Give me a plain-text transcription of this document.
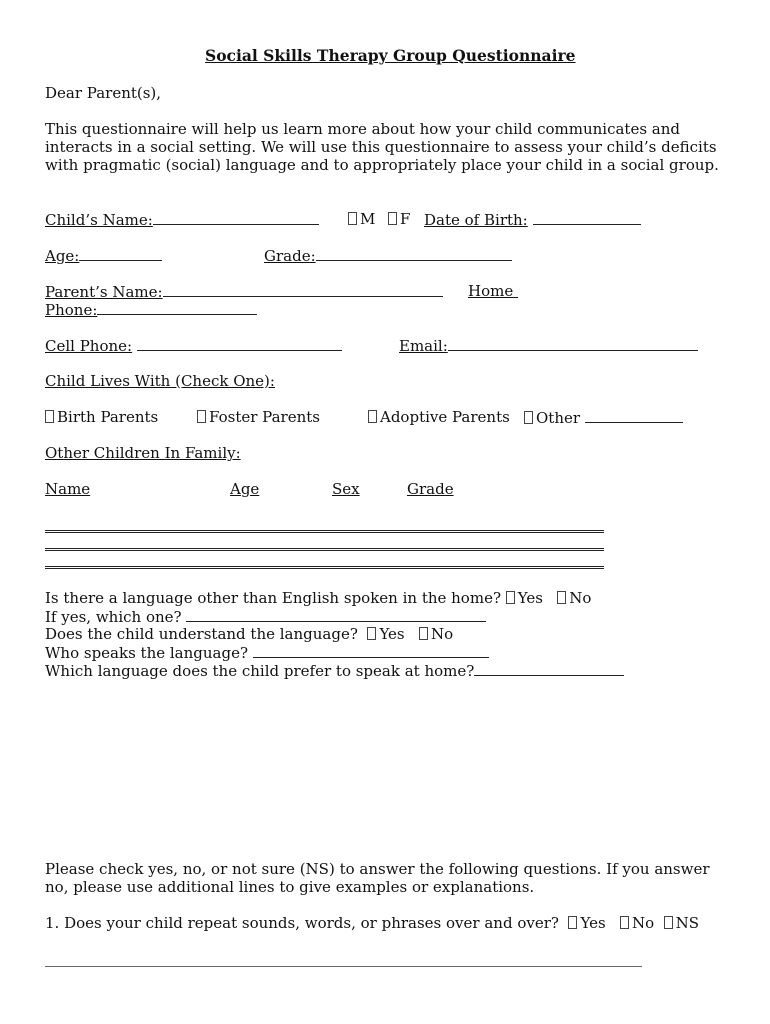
Social Skills Therapy Group Questionnaire
Dear Parent(s),
This questionnaire will help us learn more about how your child communicates and interacts in a social setting. We will use this questionnaire to assess your child’s deficits with pragmatic (social) language and to appropriately place your child in a social group.
Child’s Name:	M	F Date of Birth:
Age:	Grade:
Parent’s Name:	Home
Phone:
Cell Phone:	Email:
Child Lives With (Check One):
Birth Parents	Foster Parents	Adoptive Parents	Other
Other Children In Family:
Name	Age	Sex	Grade
Is there a language other than English spoken in the home? Yes No
If yes, which one?
Does the child understand the language? Yes No
Who speaks the language?
Which language does the child prefer to speak at home?
Please check yes, no, or not sure (NS) to answer the following questions. If you answer no, please use additional lines to give examples or explanations.
1. Does your child repeat sounds, words, or phrases over and over? Yes No NS
